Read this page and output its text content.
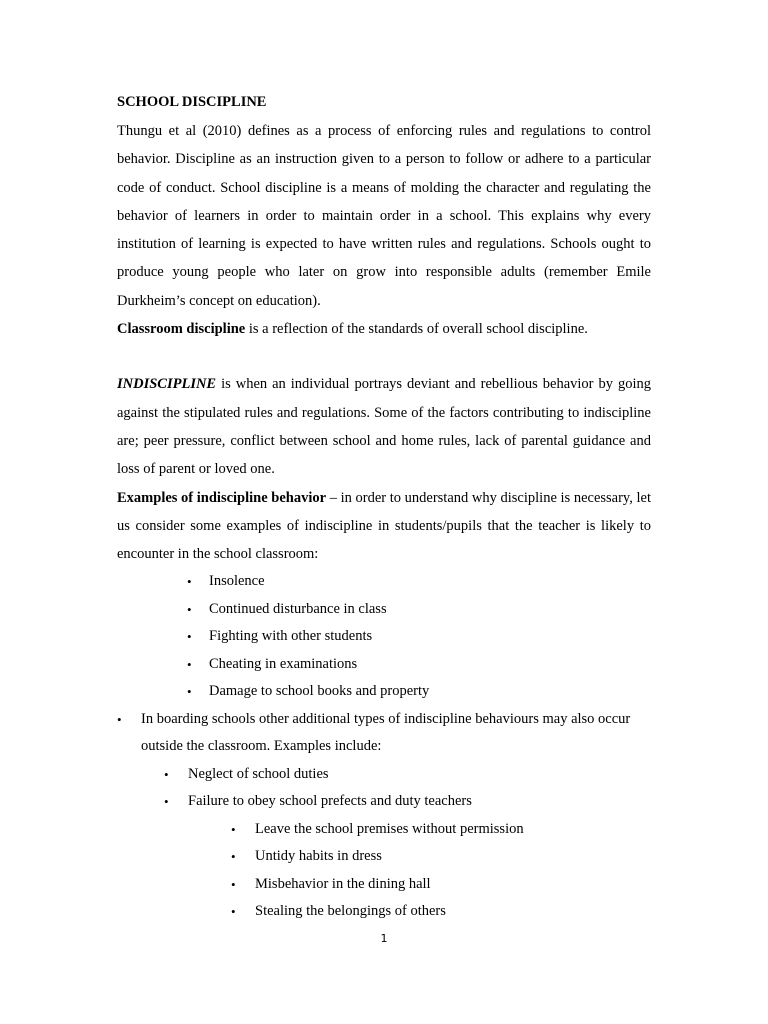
SCHOOL DISCIPLINE

Thungu et al (2010) defines as a process of enforcing rules and regulations to control behavior. Discipline as an instruction given to a person to follow or adhere to a particular code of conduct. School discipline is a means of molding the character and regulating the behavior of learners in order to maintain order in a school. This explains why every institution of learning is expected to have written rules and regulations. Schools ought to produce young people who later on grow into responsible adults (remember Emile Durkheim’s concept on education).

Classroom discipline is a reflection of the standards of overall school discipline.

INDISCIPLINE is when an individual portrays deviant and rebellious behavior by going against the stipulated rules and regulations. Some of the factors contributing to indiscipline are; peer pressure, conflict between school and home rules, lack of parental guidance and loss of parent or loved one.

Examples of indiscipline behavior – in order to understand why discipline is necessary, let us consider some examples of indiscipline in students/pupils that the teacher is likely to encounter in the school classroom:

• Insolence
• Continued disturbance in class
• Fighting with other students
• Cheating in examinations
• Damage to school books and property
• In boarding schools other additional types of indiscipline behaviours may also occur outside the classroom. Examples include:
• Neglect of school duties
• Failure to obey school prefects and duty teachers
• Leave the school premises without permission
• Untidy habits in dress
• Misbehavior in the dining hall
• Stealing the belongings of others
1
